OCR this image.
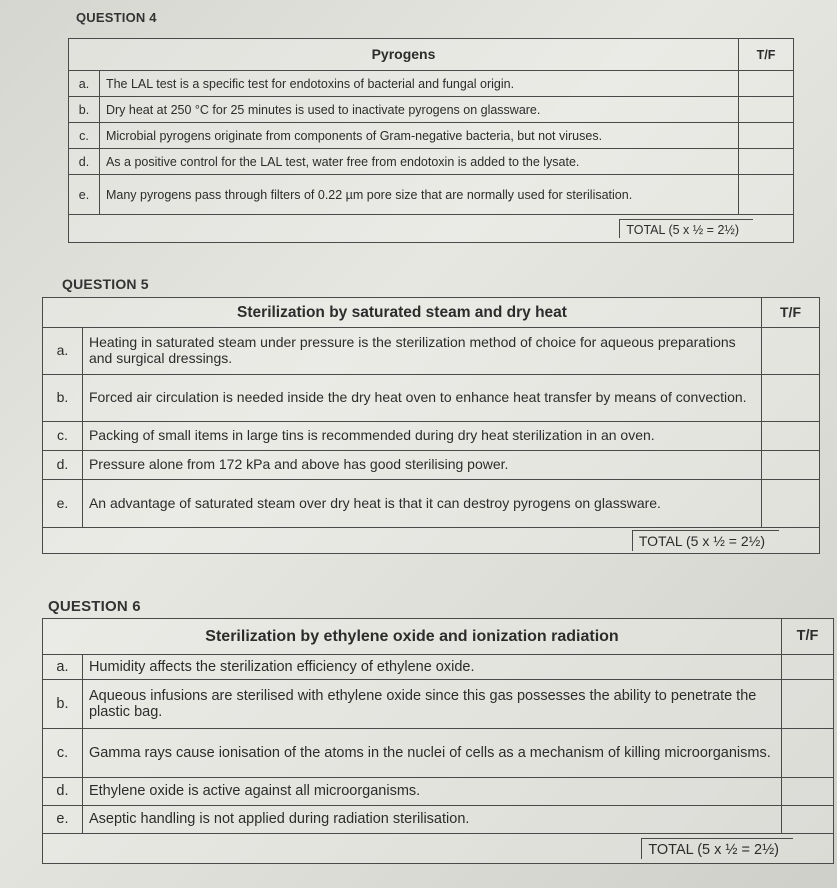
QUESTION 4
Pyrogens		T/F
a.	The LAL test is a specific test for endotoxins of bacterial and fungal origin.	
b.	Dry heat at 250 °C for 25 minutes is used to inactivate pyrogens on glassware.	
c.	Microbial pyrogens originate from components of Gram-negative bacteria, but not viruses.	
d.	As a positive control for the LAL test, water free from endotoxin is added to the lysate.	
e.	Many pyrogens pass through filters of 0.22 µm pore size that are normally used for sterilisation.	
TOTAL (5 x ½ = 2½)		
QUESTION 5
Sterilization by saturated steam and dry heat		T/F
a.	Heating in saturated steam under pressure is the sterilization method of choice for aqueous preparations and surgical dressings.	
b.	Forced air circulation is needed inside the dry heat oven to enhance heat transfer by means of convection.	
c.	Packing of small items in large tins is recommended during dry heat sterilization in an oven.	
d.	Pressure alone from 172 kPa and above has good sterilising power.	
e.	An advantage of saturated steam over dry heat is that it can destroy pyrogens on glassware.	
TOTAL (5 x ½ = 2½)		
QUESTION 6
Sterilization by ethylene oxide and ionization radiation		T/F
a.	Humidity affects the sterilization efficiency of ethylene oxide.	
b.	Aqueous infusions are sterilised with ethylene oxide since this gas possesses the ability to penetrate the plastic bag.	
c.	Gamma rays cause ionisation of the atoms in the nuclei of cells as a mechanism of killing microorganisms.	
d.	Ethylene oxide is active against all microorganisms.	
e.	Aseptic handling is not applied during radiation sterilisation.	
TOTAL (5 x ½ = 2½)		
